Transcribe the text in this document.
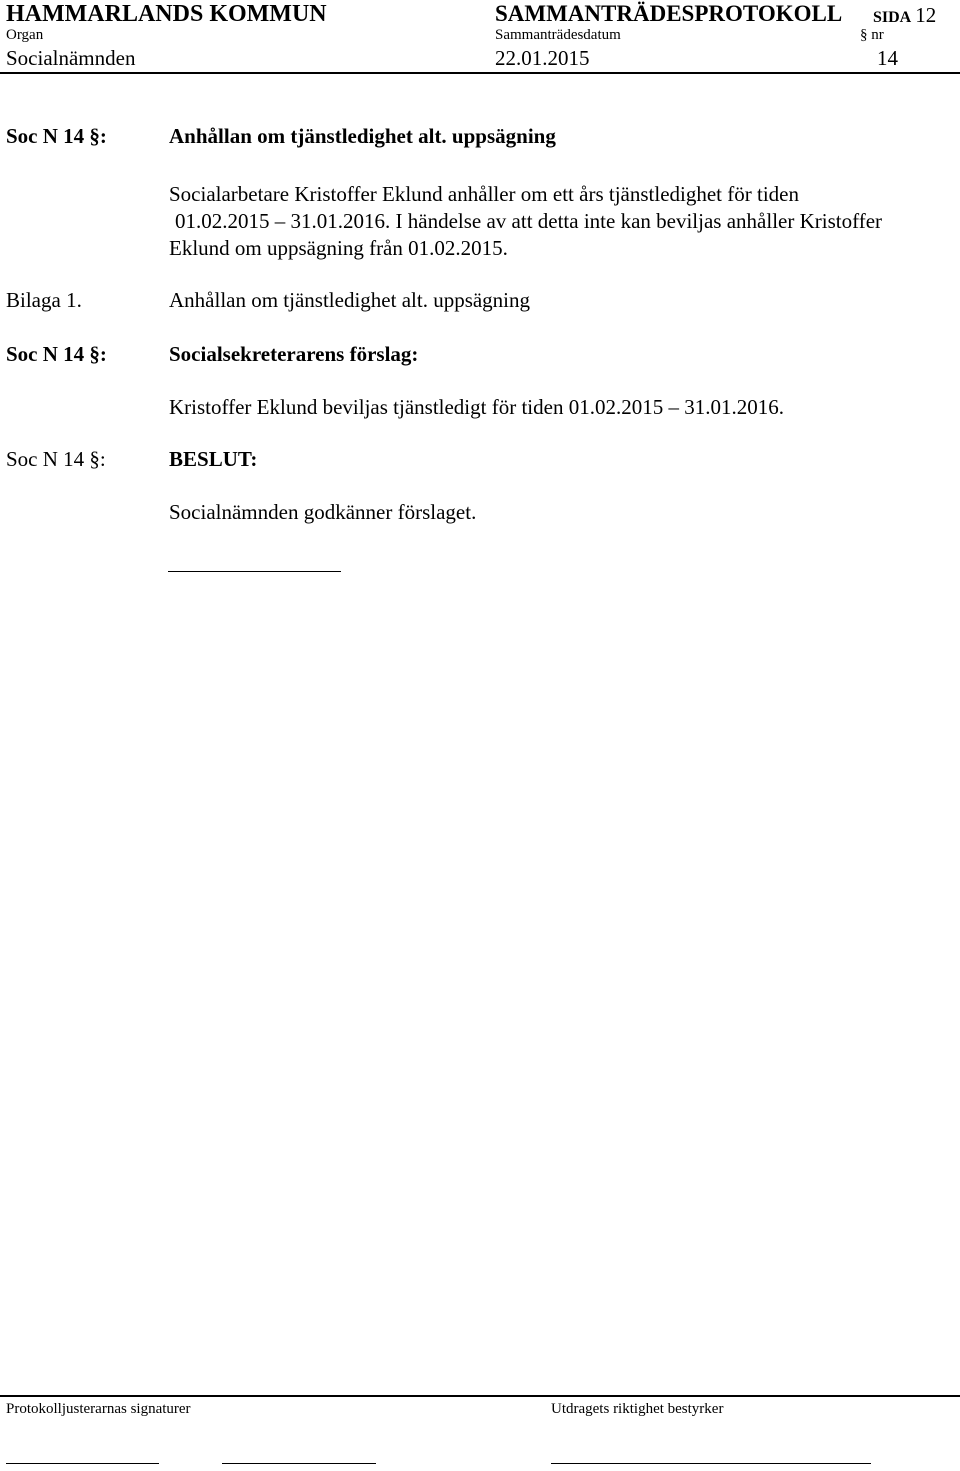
HAMMARLANDS KOMMUN	SAMMANTRÄDESPROTOKOLL SIDA 12
Organ	Sammanträdesdatum	§ nr
Socialnämnden	22.01.2015	14
Soc N 14 §:	Anhållan om tjänstledighet alt. uppsägning
Socialarbetare Kristoffer Eklund anhåller om ett års tjänstledighet för tiden
01.02.2015 – 31.01.2016. I händelse av att detta inte kan beviljas anhåller Kristoffer
Eklund om uppsägning från 01.02.2015.
Bilaga 1.	Anhållan om tjänstledighet alt. uppsägning
Soc N 14 §:	Socialsekreterarens förslag:
Kristoffer Eklund beviljas tjänstledigt för tiden 01.02.2015 – 31.01.2016.
Soc N 14 §:	BESLUT:
Socialnämnden godkänner förslaget.
Protokolljusterarnas signaturer	Utdragets riktighet bestyrker
